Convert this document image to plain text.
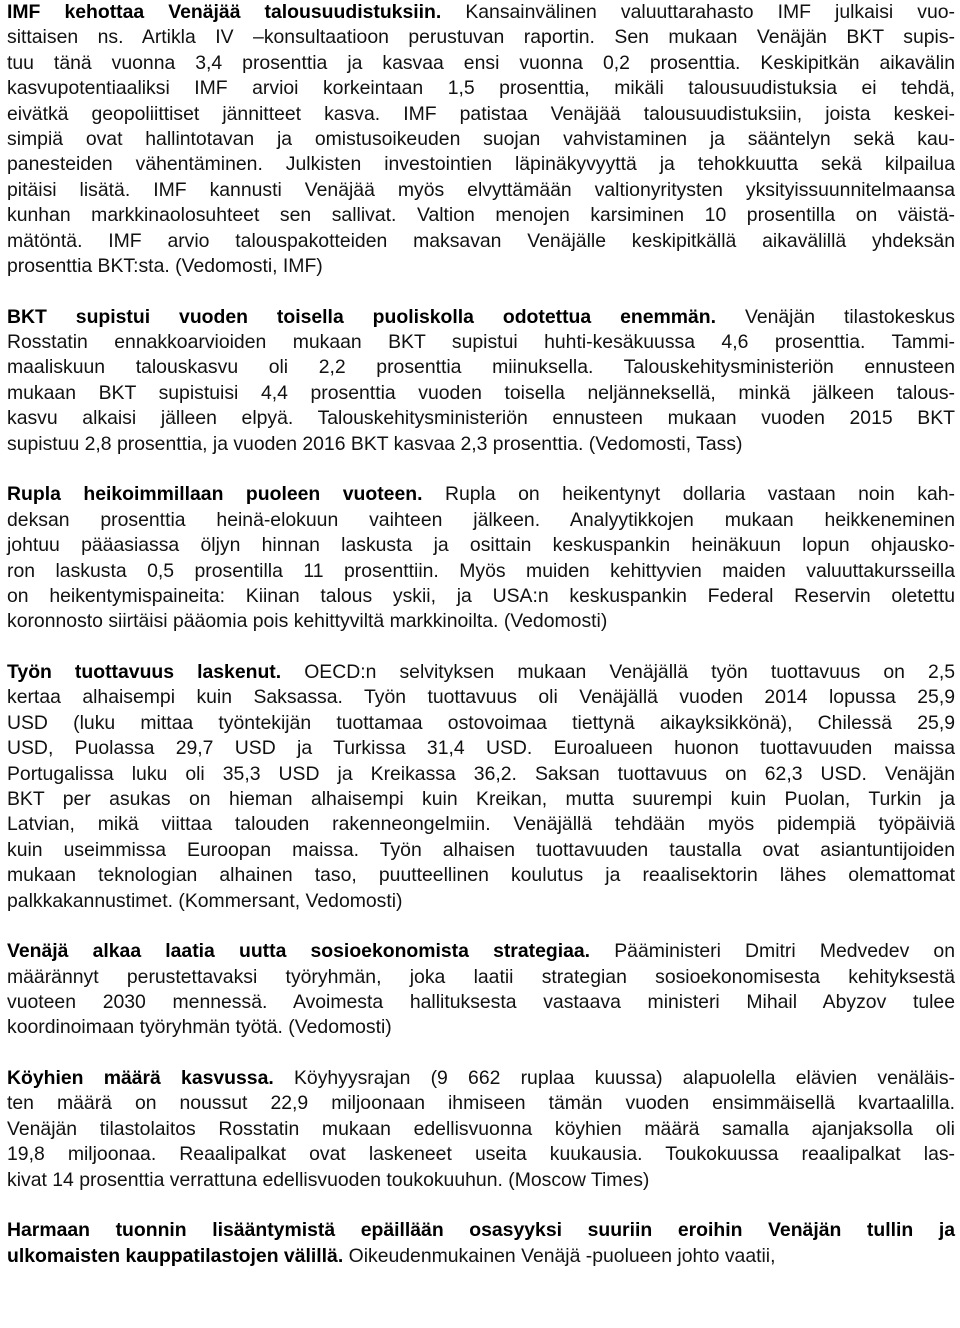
IMF kehottaa Venäjää talousuudistuksiin. Kansainvälinen valuuttarahasto IMF julkaisi vuo-
sittaisen ns. Artikla IV –konsultaatioon perustuvan raportin. Sen mukaan Venäjän BKT supis-
tuu tänä vuonna 3,4 prosenttia ja kasvaa ensi vuonna 0,2 prosenttia. Keskipitkän aikavälin
kasvupotentiaaliksi IMF arvioi korkeintaan 1,5 prosenttia, mikäli talousuudistuksia ei tehdä,
eivätkä geopoliittiset jännitteet kasva. IMF patistaa Venäjää talousuudistuksiin, joista keskei-
simpiä ovat hallintotavan ja omistusoikeuden suojan vahvistaminen ja sääntelyn sekä kau-
panesteiden vähentäminen. Julkisten investointien läpinäkyvyyttä ja tehokkuutta sekä kilpailua
pitäisi lisätä. IMF kannusti Venäjää myös elvyttämään valtionyritysten yksityissuunnitelmaansa
kunhan markkinaolosuhteet sen sallivat. Valtion menojen karsiminen 10 prosentilla on väistä-
mätöntä. IMF arvio talouspakotteiden maksavan Venäjälle keskipitkällä aikavälillä yhdeksän
prosenttia BKT:sta. (Vedomosti, IMF)
BKT supistui vuoden toisella puoliskolla odotettua enemmän. Venäjän tilastokeskus
Rosstatin ennakkoarvioiden mukaan BKT supistui huhti-kesäkuussa 4,6 prosenttia. Tammi-
maaliskuun talouskasvu oli 2,2 prosenttia miinuksella. Talouskehitysministeriön ennusteen
mukaan BKT supistuisi 4,4 prosenttia vuoden toisella neljänneksellä, minkä jälkeen talous-
kasvu alkaisi jälleen elpyä. Talouskehitysministeriön ennusteen mukaan vuoden 2015 BKT
supistuu 2,8 prosenttia, ja vuoden 2016 BKT kasvaa 2,3 prosenttia. (Vedomosti, Tass)
Rupla heikoimmillaan puoleen vuoteen. Rupla on heikentynyt dollaria vastaan noin kah-
deksan prosenttia heinä-elokuun vaihteen jälkeen. Analyytikkojen mukaan heikkeneminen
johtuu pääasiassa öljyn hinnan laskusta ja osittain keskuspankin heinäkuun lopun ohjausko-
ron laskusta 0,5 prosentilla 11 prosenttiin. Myös muiden kehittyvien maiden valuuttakursseilla
on heikentymispaineita: Kiinan talous yskii, ja USA:n keskuspankin Federal Reservin oletettu
koronnosto siirtäisi pääomia pois kehittyviltä markkinoilta. (Vedomosti)
Työn tuottavuus laskenut. OECD:n selvityksen mukaan Venäjällä työn tuottavuus on 2,5
kertaa alhaisempi kuin Saksassa. Työn tuottavuus oli Venäjällä vuoden 2014 lopussa 25,9
USD (luku mittaa työntekijän tuottamaa ostovoimaa tiettynä aikayksikkönä), Chilessä 25,9
USD, Puolassa 29,7 USD ja Turkissa 31,4 USD. Euroalueen huonon tuottavuuden maissa
Portugalissa luku oli 35,3 USD ja Kreikassa 36,2. Saksan tuottavuus on 62,3 USD. Venäjän
BKT per asukas on hieman alhaisempi kuin Kreikan, mutta suurempi kuin Puolan, Turkin ja
Latvian, mikä viittaa talouden rakenneongelmiin. Venäjällä tehdään myös pidempiä työpäiviä
kuin useimmissa Euroopan maissa. Työn alhaisen tuottavuuden taustalla ovat asiantuntijoiden
mukaan teknologian alhainen taso, puutteellinen koulutus ja reaalisektorin lähes olemattomat
palkkakannustimet. (Kommersant, Vedomosti)
Venäjä alkaa laatia uutta sosioekonomista strategiaa. Pääministeri Dmitri Medvedev on
määrännyt perustettavaksi työryhmän, joka laatii strategian sosioekonomisesta kehityksestä
vuoteen 2030 mennessä. Avoimesta hallituksesta vastaava ministeri Mihail Abyzov tulee
koordinoimaan työryhmän työtä. (Vedomosti)
Köyhien määrä kasvussa. Köyhyysrajan (9 662 ruplaa kuussa) alapuolella elävien venäläis-
ten määrä on noussut 22,9 miljoonaan ihmiseen tämän vuoden ensimmäisellä kvartaalilla.
Venäjän tilastolaitos Rosstatin mukaan edellisvuonna köyhien määrä samalla ajanjaksolla oli
19,8 miljoonaa. Reaalipalkat ovat laskeneet useita kuukausia. Toukokuussa reaalipalkat las-
kivat 14 prosenttia verrattuna edellisvuoden toukokuuhun. (Moscow Times)
Harmaan tuonnin lisääntymistä epäillään osasyyksi suuriin eroihin Venäjän tullin ja
ulkomaisten kauppatilastojen välillä. Oikeudenmukainen Venäjä -puolueen johto vaatii,
